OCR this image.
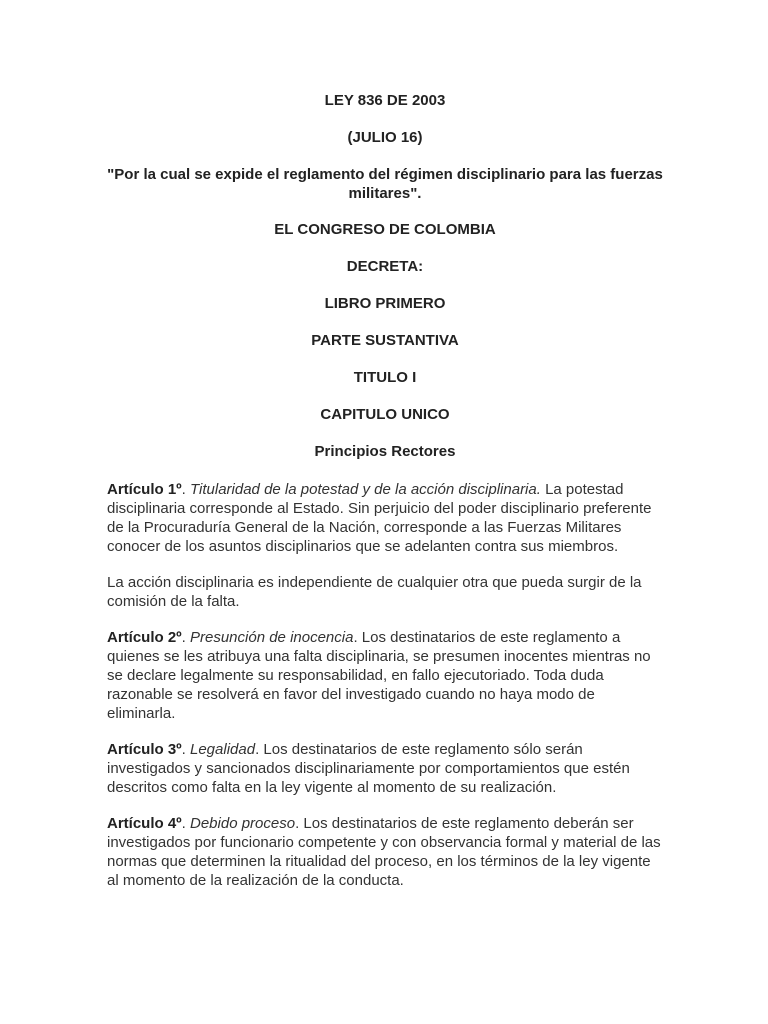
LEY 836 DE 2003
(JULIO 16)
"Por la cual se expide el reglamento del régimen disciplinario para las fuerzas militares".
EL CONGRESO DE COLOMBIA
DECRETA:
LIBRO PRIMERO
PARTE SUSTANTIVA
TITULO I
CAPITULO UNICO
Principios Rectores

Artículo 1º. Titularidad de la potestad y de la acción disciplinaria. La potestad disciplinaria corresponde al Estado. Sin perjuicio del poder disciplinario preferente de la Procuraduría General de la Nación, corresponde a las Fuerzas Militares conocer de los asuntos disciplinarios que se adelanten contra sus miembros.

La acción disciplinaria es independiente de cualquier otra que pueda surgir de la comisión de la falta.

Artículo 2º. Presunción de inocencia. Los destinatarios de este reglamento a quienes se les atribuya una falta disciplinaria, se presumen inocentes mientras no se declare legalmente su responsabilidad, en fallo ejecutoriado. Toda duda razonable se resolverá en favor del investigado cuando no haya modo de eliminarla.

Artículo 3º. Legalidad. Los destinatarios de este reglamento sólo serán investigados y sancionados disciplinariamente por comportamientos que estén descritos como falta en la ley vigente al momento de su realización.

Artículo 4º. Debido proceso. Los destinatarios de este reglamento deberán ser investigados por funcionario competente y con observancia formal y material de las normas que determinen la ritualidad del proceso, en los términos de la ley vigente al momento de la realización de la conducta.
